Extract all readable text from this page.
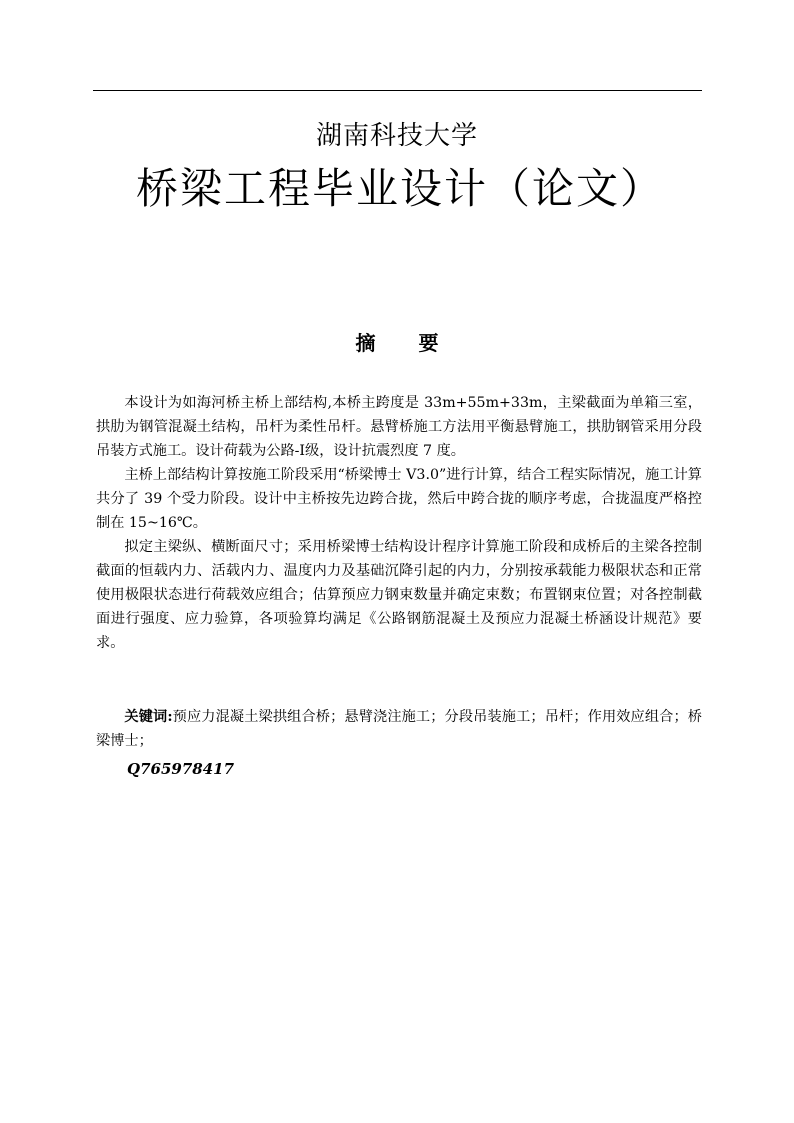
湖南科技大学
桥梁工程毕业设计（论文）
摘 要

本设计为如海河桥主桥上部结构,本桥主跨度是 33m+55m+33m，主梁截面为单箱三室，拱肋为钢管混凝土结构，吊杆为柔性吊杆。悬臂桥施工方法用平衡悬臂施工，拱肋钢管采用分段吊装方式施工。设计荷载为公路-Ⅰ级，设计抗震烈度 7 度。

主桥上部结构计算按施工阶段采用“桥梁博士 V3.0”进行计算，结合工程实际情况，施工计算共分了 39 个受力阶段。设计中主桥按先边跨合拢，然后中跨合拢的顺序考虑，合拢温度严格控制在 15~16℃。

拟定主梁纵、横断面尺寸；采用桥梁博士结构设计程序计算施工阶段和成桥后的主梁各控制截面的恒载内力、活载内力、温度内力及基础沉降引起的内力，分别按承载能力极限状态和正常使用极限状态进行荷载效应组合；估算预应力钢束数量并确定束数；布置钢束位置；对各控制截面进行强度、应力验算，各项验算均满足《公路钢筋混凝土及预应力混凝土桥涵设计规范》要求。

关键词:预应力混凝土梁拱组合桥；悬臂浇注施工；分段吊装施工；吊杆；作用效应组合；桥梁博士；
Q765978417
